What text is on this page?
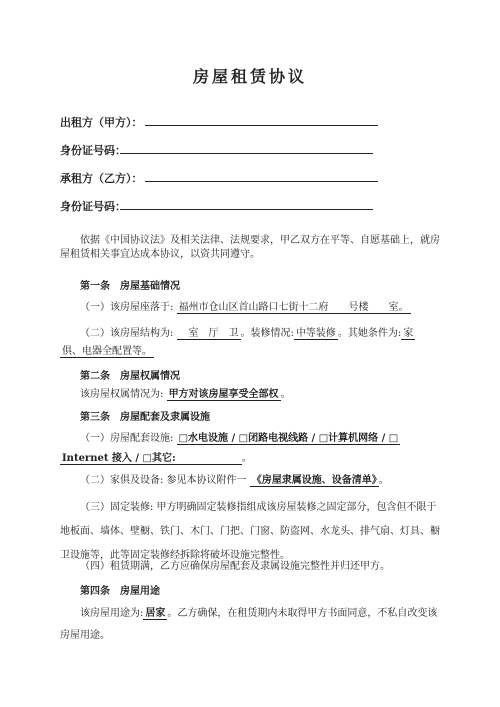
房屋租赁协议
出租方（甲方）：
身份证号码：
承租方（乙方）：
身份证号码：
依据《中国协议法》及相关法律、法规要求，甲乙双方在平等、自愿基础上，就房屋租赁相关事宜达成本协议，以资共同遵守。
第一条　房屋基础情况
（一）该房屋座落于: 福州市仓山区首山路口七街十二府　　号楼　　室。
（二）该房屋结构为: 　室　厅　卫 。装修情况: 中等装修 。其她条件为: 家
俱、电器全配置等。
第二条　房屋权属情况
该房屋权属情况为: 甲方对该房屋享受全部权 。
第三条　房屋配套及隶属设施
（一）房屋配套设施: □水电设施 / □闭路电视线路 / □计算机网络 / □
Internet 接入 / □其它:　　　　　　	。
（二）家俱及设备: 参见本协议附件一 《房屋隶属设施、设备清单》 。
（三）固定装修: 甲方明确固定装修指组成该房屋装修之固定部分，包含但不限于地板面、墙体、壁橱、铁门、木门、门把、门窗、防盗网、水龙头、排气扇、灯具、橱卫设施等，此等固定装修经拆除将破坏设施完整性。
（四）租赁期满，乙方应确保房屋配套及隶属设施完整性并归还甲方。
第四条　房屋用途
该房屋用途为: 居家 。乙方确保，在租赁期内未取得甲方书面同意，不私自改变该房屋用途。
